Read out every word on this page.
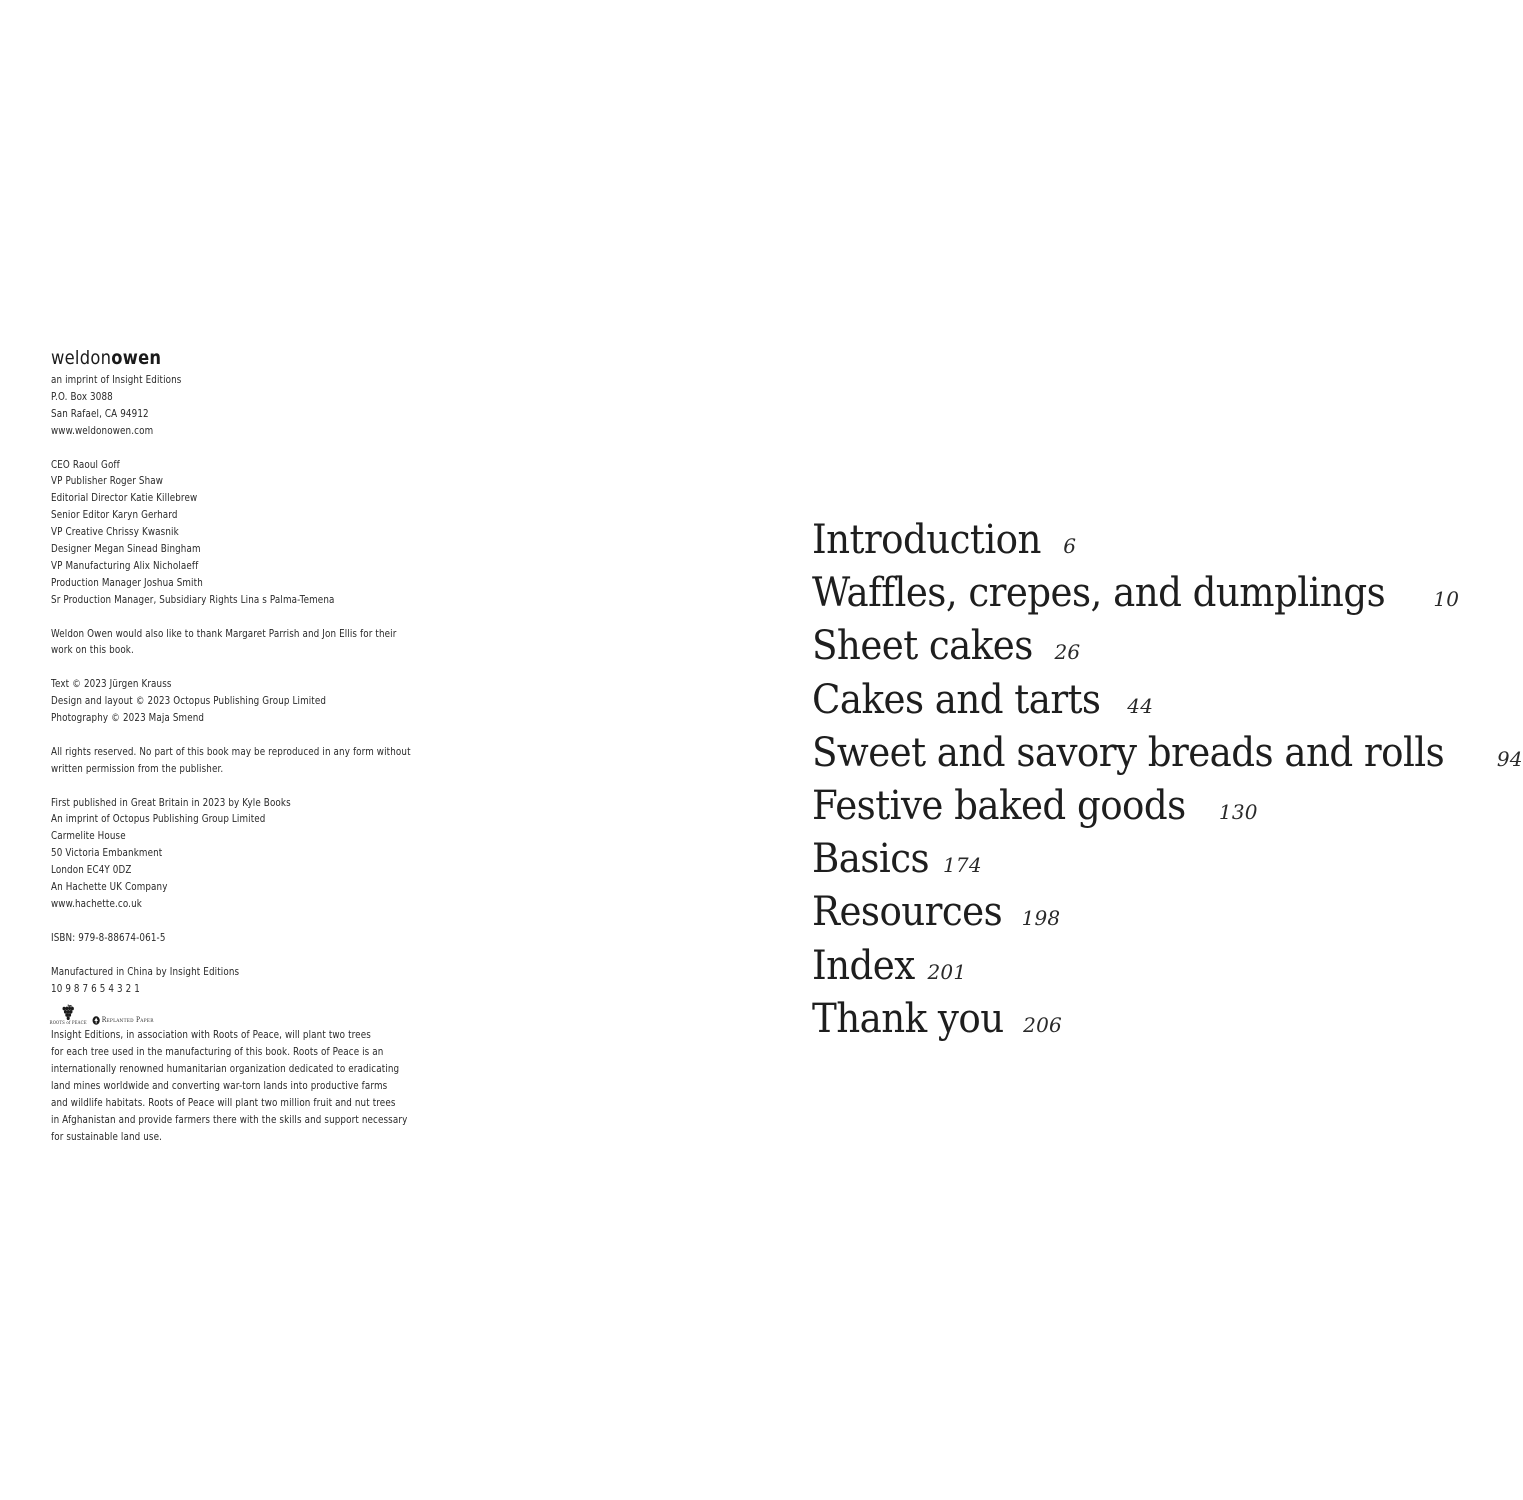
weldonowen
an imprint of Insight Editions
P.O. Box 3088
San Rafael, CA 94912
www.weldonowen.com
CEO Raoul Goff
VP Publisher Roger Shaw
Editorial Director Katie Killebrew
Senior Editor Karyn Gerhard
VP Creative Chrissy Kwasnik
Designer Megan Sinead Bingham
VP Manufacturing Alix Nicholaeff
Production Manager Joshua Smith
Sr Production Manager, Subsidiary Rights Lina s Palma-Temena
Weldon Owen would also like to thank Margaret Parrish and Jon Ellis for their
work on this book.
Text © 2023 Jürgen Krauss
Design and layout © 2023 Octopus Publishing Group Limited
Photography © 2023 Maja Smend
All rights reserved. No part of this book may be reproduced in any form without
written permission from the publisher.
First published in Great Britain in 2023 by Kyle Books
An imprint of Octopus Publishing Group Limited
Carmelite House
50 Victoria Embankment
London EC4Y 0DZ
An Hachette UK Company
www.hachette.co.uk
ISBN: 979-8-88674-061-5
Manufactured in China by Insight Editions
10 9 8 7 6 5 4 3 2 1
ROOTS of PEACE Replanted Paper
Insight Editions, in association with Roots of Peace, will plant two trees
for each tree used in the manufacturing of this book. Roots of Peace is an
internationally renowned humanitarian organization dedicated to eradicating
land mines worldwide and converting war-torn lands into productive farms
and wildlife habitats. Roots of Peace will plant two million fruit and nut trees
in Afghanistan and provide farmers there with the skills and support necessary
for sustainable land use.
Introduction 6
Waffles, crepes, and dumplings 10
Sheet cakes 26
Cakes and tarts 44
Sweet and savory breads and rolls	94
Festive baked goods 130
Basics 174
Resources 198
Index 201
Thank you 206
